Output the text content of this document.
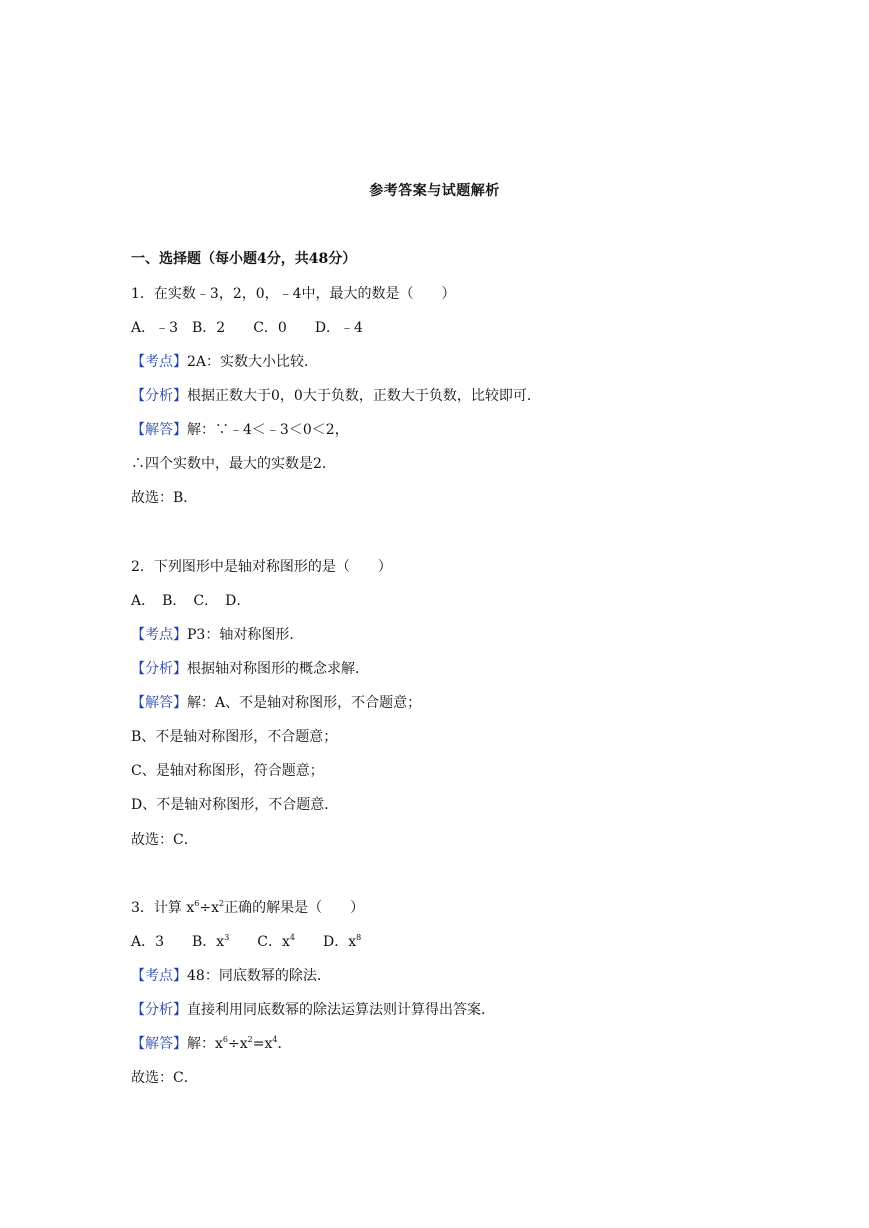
参考答案与试题解析
一、选择题（每小题4分，共48分）
1．在实数﹣3，2，0，﹣4中，最大的数是（　　）
A．﹣3　B．2　　C．0　　D．﹣4
【考点】2A：实数大小比较．
【分析】根据正数大于0，0大于负数，正数大于负数，比较即可．
【解答】解：∵﹣4＜﹣3＜0＜2，
∴四个实数中，最大的实数是2．
故选：B．
2．下列图形中是轴对称图形的是（　　）
A．　B．　C．　D．
【考点】P3：轴对称图形．
【分析】根据轴对称图形的概念求解．
【解答】解：A、不是轴对称图形，不合题意；
B、不是轴对称图形，不合题意；
C、是轴对称图形，符合题意；
D、不是轴对称图形，不合题意．
故选：C．
3．计算 $x^6\div x^2$正确的解果是（　　）
A．3　　B．$x^3$　　C．$x^4$　　D．$x^8$
【考点】48：同底数幂的除法．
【分析】直接利用同底数幂的除法运算法则计算得出答案．
【解答】解：$x^6\div x^2=x^4$．
故选：C．
